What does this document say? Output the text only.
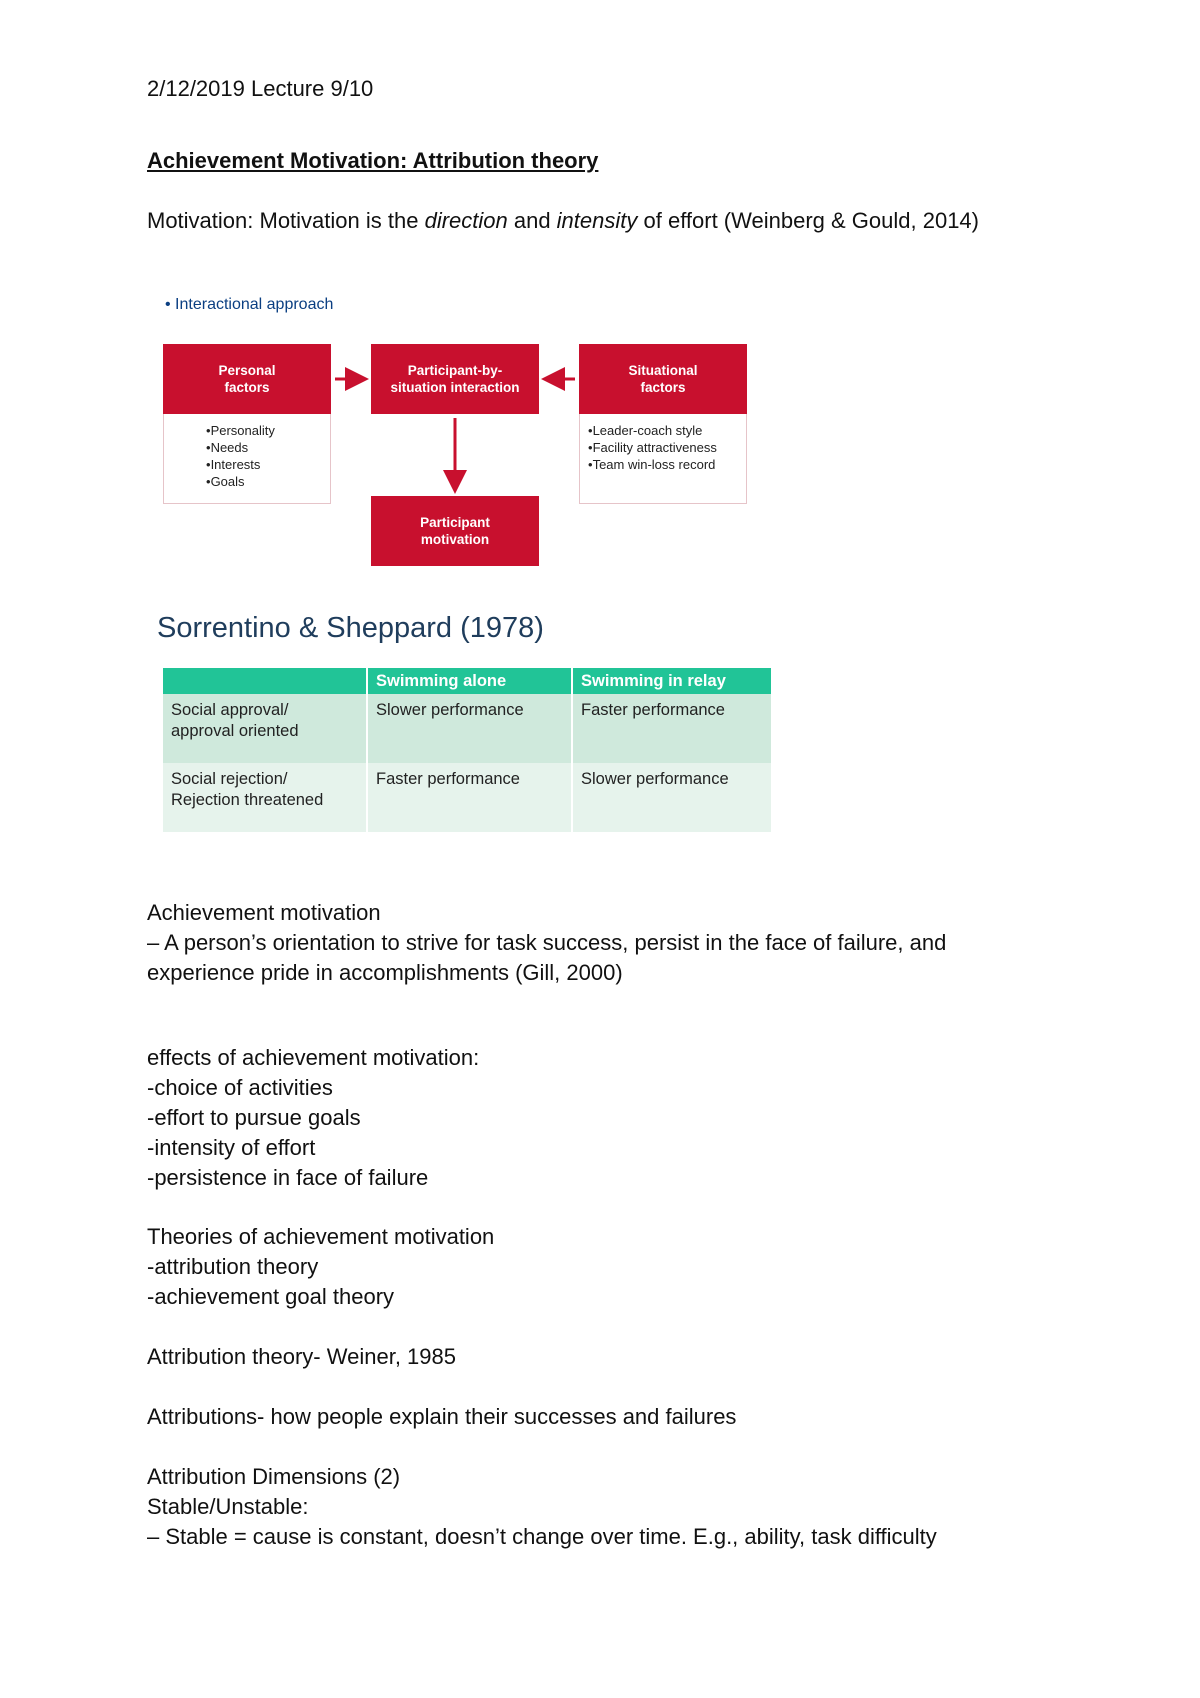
2/12/2019 Lecture 9/10

Achievement Motivation: Attribution theory

Motivation: Motivation is the direction and intensity of effort (Weinberg & Gould, 2014)

• Interactional approach
Personal
factors
• Personality
• Needs
• Interests
• Goals
Participant-by-
situation interaction
Situational
factors
• Leader-coach style
• Facility attractiveness
• Team win-loss record
Participant
motivation
Sorrentino & Sheppard (1978)
	Swimming alone	Swimming in relay

Social approval/
approval oriented	Slower performance	Faster performance

Social rejection/
Rejection threatened	Faster performance	Slower performance

Achievement motivation

– A person’s orientation to strive for task success, persist in the face of failure, and

experience pride in accomplishments (Gill, 2000)

effects of achievement motivation:

-choice of activities

-effort to pursue goals

-intensity of effort

-persistence in face of failure

Theories of achievement motivation

-attribution theory

-achievement goal theory

Attribution theory- Weiner, 1985

Attributions- how people explain their successes and failures

Attribution Dimensions (2)

Stable/Unstable:

– Stable = cause is constant, doesn’t change over time. E.g., ability, task difficulty
